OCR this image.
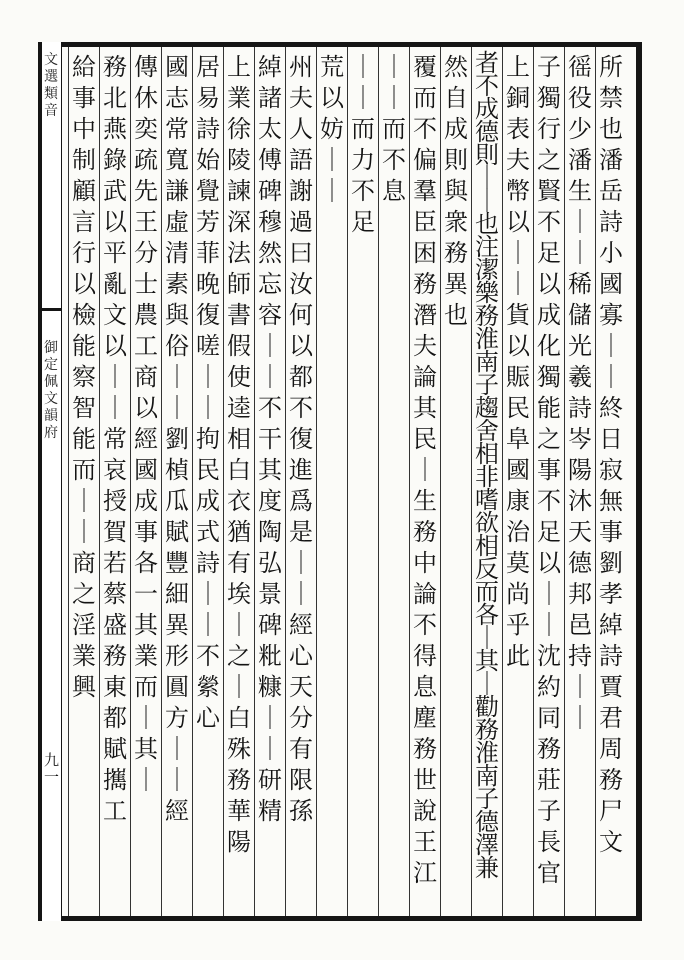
文選類音
御定佩文韻府
九一
所禁也潘岳詩小國寡｜｜終日寂無事劉孝綽詩賈君周務尸文
徭役少潘生｜｜稀儲光羲詩岑陽沐天德邦邑持｜｜
子獨行之賢不足以成化獨能之事不足以｜｜沈約同務莊子長官
上銅表夫幣以｜｜貨以賑民阜國康治莫尚乎此
者不成德則｜｜也注潔樂務淮南子趨舍相非嗜欲相反而各｜其｜勸務淮南子德澤兼
然自成則與衆務異也
覆而不偏羣臣困務潛夫論其民｜生務中論不得息塵務世說王江
｜｜而不息
｜｜而力不足
荒以妨｜｜
州夫人語謝過曰汝何以都不復進爲是｜｜經心天分有限孫
綽諸太傅碑穆然忘容｜｜不干其度陶弘景碑粃糠｜｜研精
上業徐陵諫深法師書假使逵相白衣猶有埃｜之｜白殊務華陽
居易詩始覺芳菲晚復嗟｜｜拘民成式詩｜｜不縈心
國志常寬謙虛清素與俗｜｜劉楨瓜賦豐細異形圓方｜｜經
傳休奕疏先王分士農工商以經國成事各一其業而｜其｜
務北燕錄武以平亂文以｜｜常哀授賀若蔡盛務東都賦𢹂工
給事中制顧言行以檢能察智能而｜｜商之淫業興
